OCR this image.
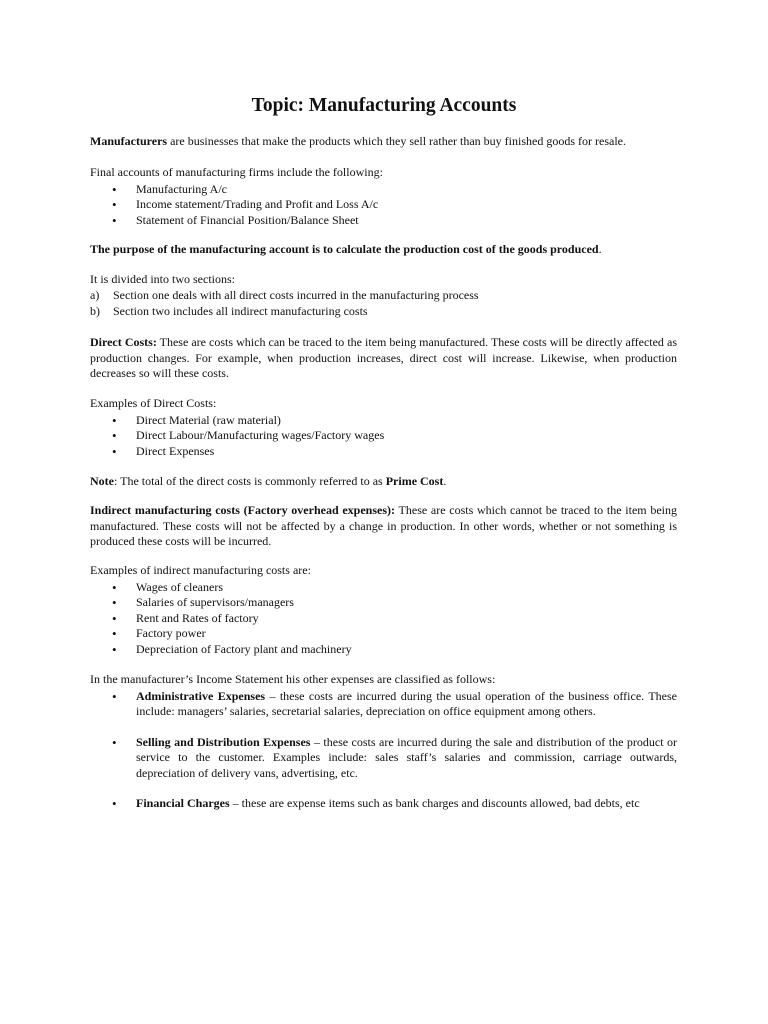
Topic: Manufacturing Accounts

Manufacturers are businesses that make the products which they sell rather than buy finished goods for resale.

Final accounts of manufacturing firms include the following:

• Manufacturing A/c
• Income statement/Trading and Profit and Loss A/c
• Statement of Financial Position/Balance Sheet

The purpose of the manufacturing account is to calculate the production cost of the goods produced.

It is divided into two sections:

a) Section one deals with all direct costs incurred in the manufacturing process
b) Section two includes all indirect manufacturing costs

Direct Costs: These are costs which can be traced to the item being manufactured. These costs will be directly affected as production changes. For example, when production increases, direct cost will increase. Likewise, when production decreases so will these costs.

Examples of Direct Costs:

• Direct Material (raw material)
• Direct Labour/Manufacturing wages/Factory wages
• Direct Expenses

Note: The total of the direct costs is commonly referred to as Prime Cost.

Indirect manufacturing costs (Factory overhead expenses): These are costs which cannot be traced to the item being manufactured. These costs will not be affected by a change in production. In other words, whether or not something is produced these costs will be incurred.

Examples of indirect manufacturing costs are:

• Wages of cleaners
• Salaries of supervisors/managers
• Rent and Rates of factory
• Factory power
• Depreciation of Factory plant and machinery

In the manufacturer’s Income Statement his other expenses are classified as follows:

• Administrative Expenses – these costs are incurred during the usual operation of the business office. These include: managers’ salaries, secretarial salaries, depreciation on office equipment among others.
• Selling and Distribution Expenses – these costs are incurred during the sale and distribution of the product or service to the customer. Examples include: sales staff’s salaries and commission, carriage outwards, depreciation of delivery vans, advertising, etc.
• Financial Charges – these are expense items such as bank charges and discounts allowed, bad debts, etc
